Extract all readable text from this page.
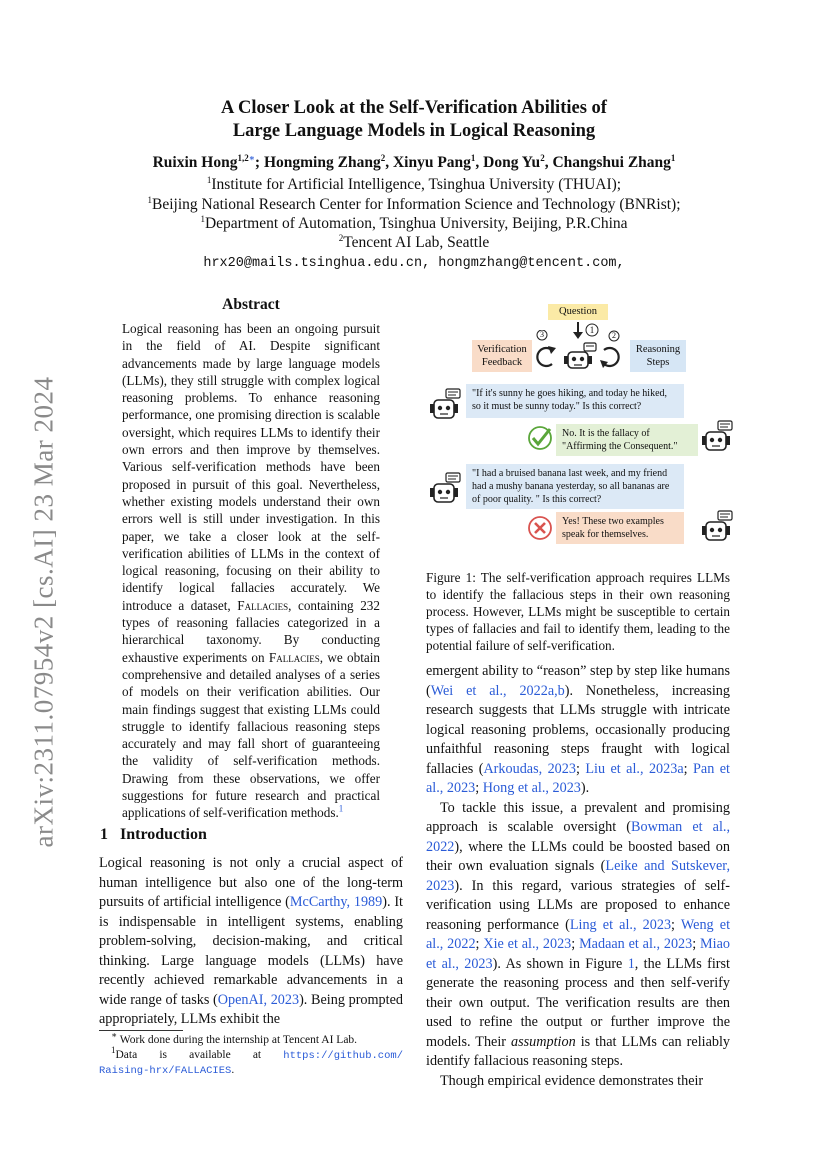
arXiv:2311.07954v2 [cs.AI] 23 Mar 2024
A Closer Look at the Self-Verification Abilities of
Large Language Models in Logical Reasoning
Ruixin Hong$^{1,2∗}$; Hongming Zhang$^2$, Xinyu Pang$^1$, Dong Yu$^2$, Changshui Zhang$^1$
$^1$Institute for Artificial Intelligence, Tsinghua University (THUAI);
$^1$Beijing National Research Center for Information Science and Technology (BNRist);
$^1$Department of Automation, Tsinghua University, Beijing, P.R.China
$^2$Tencent AI Lab, Seattle
hrx20@mails.tsinghua.edu.cn, hongmzhang@tencent.com,
Abstract
Logical reasoning has been an ongoing pursuit in the field of AI. Despite significant advancements made by large language models (LLMs), they still struggle with complex logical reasoning problems. To enhance reasoning performance, one promising direction is scalable oversight, which requires LLMs to identify their own errors and then improve by themselves. Various self-verification methods have been proposed in pursuit of this goal. Nevertheless, whether existing models understand their own errors well is still under investigation. In this paper, we take a closer look at the self-verification abilities of LLMs in the context of logical reasoning, focusing on their ability to identify logical fallacies accurately. We introduce a dataset, Fallacies, containing 232 types of reasoning fallacies categorized in a hierarchical taxonomy. By conducting exhaustive experiments on Fallacies, we obtain comprehensive and detailed analyses of a series of models on their verification abilities. Our main findings suggest that existing LLMs could struggle to identify fallacious reasoning steps accurately and may fall short of guaranteeing the validity of self-verification methods. Drawing from these observations, we offer suggestions for future research and practical applications of self-verification methods.$^1$
1   Introduction
Logical reasoning is not only a crucial aspect of human intelligence but also one of the long-term pursuits of artificial intelligence (McCarthy, 1989). It is indispensable in intelligent systems, enabling problem-solving, decision-making, and critical thinking. Large language models (LLMs) have recently achieved remarkable advancements in a wide range of tasks (OpenAI, 2023). Being prompted appropriately, LLMs exhibit the
∗ Work done during the internship at Tencent AI Lab.
$^1$Data is available at https://github.com/
Raising-hrx/FALLACIES.
Question
1
Verification
Feedback
Reasoning
Steps
3	2
"If it's sunny he goes hiking, and today he hiked,
so it must be sunny today." Is this correct?
No. It is the fallacy of
"Affirming the Consequent."
"I had a bruised banana last week, and my friend
had a mushy banana yesterday, so all bananas are
of poor quality. " Is this correct?
Yes! These two examples
speak for themselves.
Figure 1: The self-verification approach requires LLMs to identify the fallacious steps in their own reasoning process. However, LLMs might be susceptible to certain types of fallacies and fail to identify them, leading to the potential failure of self-verification.
emergent ability to “reason” step by step like humans (Wei et al., 2022a,b). Nonetheless, increasing research suggests that LLMs struggle with intricate logical reasoning problems, occasionally producing unfaithful reasoning steps fraught with logical fallacies (Arkoudas, 2023; Liu et al., 2023a; Pan et al., 2023; Hong et al., 2023).
To tackle this issue, a prevalent and promising approach is scalable oversight (Bowman et al., 2022), where the LLMs could be boosted based on their own evaluation signals (Leike and Sutskever, 2023). In this regard, various strategies of self-verification using LLMs are proposed to enhance reasoning performance (Ling et al., 2023; Weng et al., 2022; Xie et al., 2023; Madaan et al., 2023; Miao et al., 2023). As shown in Figure 1, the LLMs first generate the reasoning process and then self-verify their own output. The verification results are then used to refine the output or further improve the models. Their assumption is that LLMs can reliably identify fallacious reasoning steps.
Though empirical evidence demonstrates their
